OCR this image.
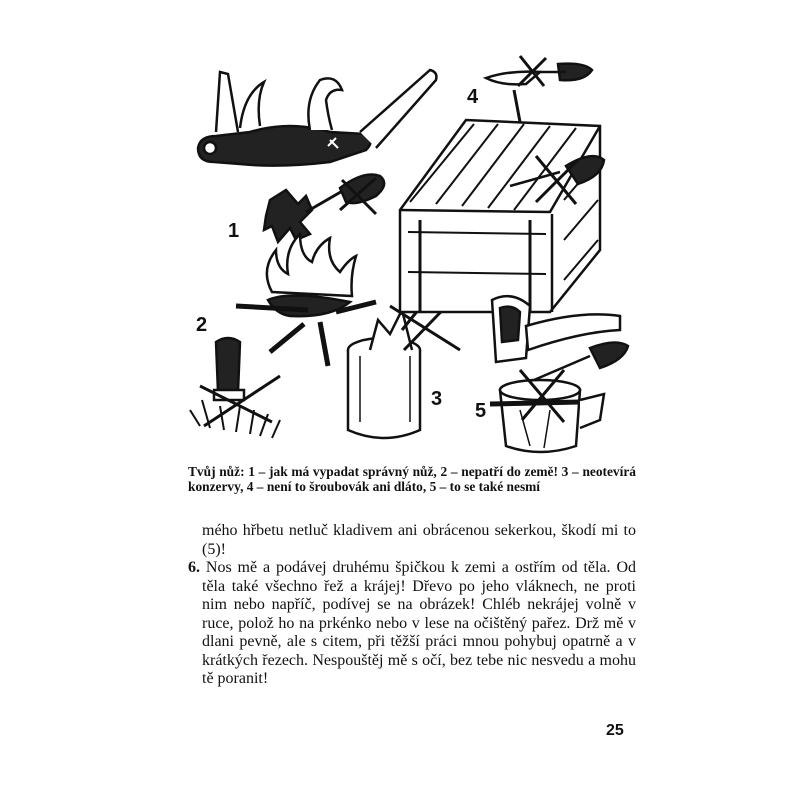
4
1
2
3
5
Tvůj nůž: 1 – jak má vypadat správný nůž, 2 – nepatří do země! 3 – neotevírá konzervy, 4 – není to šroubovák ani dláto, 5 – to se také nesmí

mého hřbetu netluč kladivem ani obrácenou sekerkou, škodí mi to (5)!

6. Nos mě a podávej druhému špičkou k zemi a ostřím od těla. Od těla také všechno řež a krájej! Dřevo po jeho vláknech, ne proti nim nebo napříč, podívej se na obrázek! Chléb nekrájej volně v ruce, polož ho na prkénko nebo v lese na očištěný pařez. Drž mě v dlani pevně, ale s citem, při těžší práci mnou pohybuj opatrně a v krátkých řezech. Nespouštěj mě s očí, bez tebe nic nesvedu a mohu tě poranit!

25
